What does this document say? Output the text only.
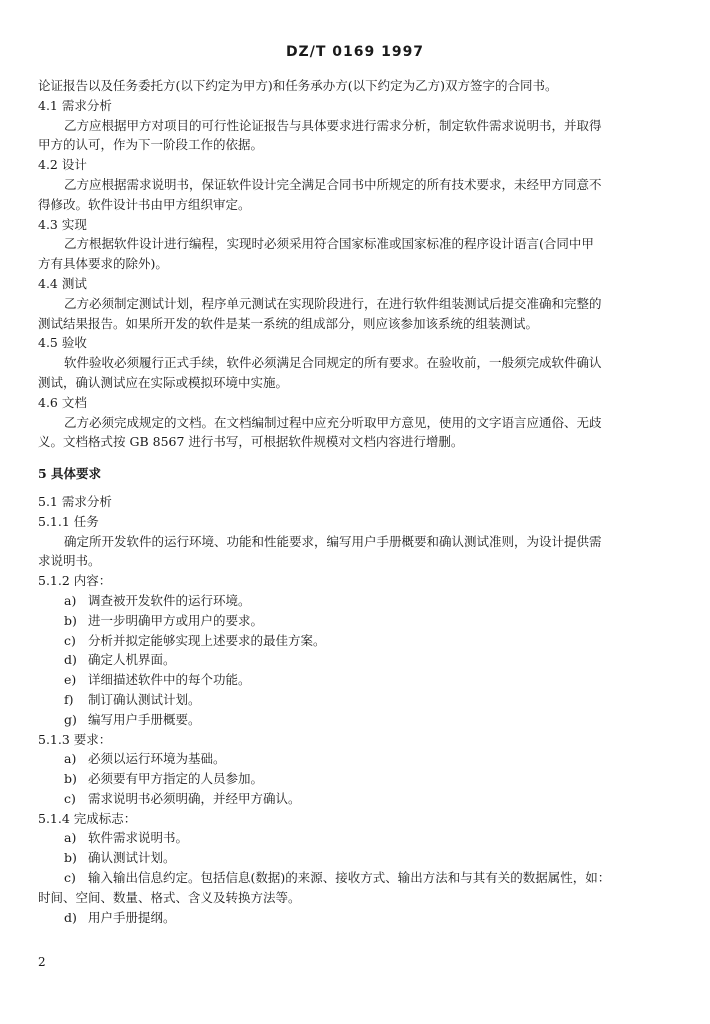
DZ/T 0169 1997
论证报告以及任务委托方(以下约定为甲方)和任务承办方(以下约定为乙方)双方签字的合同书。
4.1 需求分析
乙方应根据甲方对项目的可行性论证报告与具体要求进行需求分析，制定软件需求说明书，并取得
甲方的认可，作为下一阶段工作的依据。
4.2 设计
乙方应根据需求说明书，保证软件设计完全满足合同书中所规定的所有技术要求，未经甲方同意不
得修改。软件设计书由甲方组织审定。
4.3 实现
乙方根据软件设计进行编程，实现时必须采用符合国家标准或国家标准的程序设计语言(合同中甲
方有具体要求的除外)。
4.4 测试
乙方必须制定测试计划，程序单元测试在实现阶段进行，在进行软件组装测试后提交准确和完整的
测试结果报告。如果所开发的软件是某一系统的组成部分，则应该参加该系统的组装测试。
4.5 验收
软件验收必须履行正式手续，软件必须满足合同规定的所有要求。在验收前，一般须完成软件确认
测试，确认测试应在实际或模拟环境中实施。
4.6 文档
乙方必须完成规定的文档。在文档编制过程中应充分听取甲方意见，使用的文字语言应通俗、无歧
义。文档格式按 GB 8567 进行书写，可根据软件规模对文档内容进行增删。
5 具体要求
5.1 需求分析
5.1.1 任务
确定所开发软件的运行环境、功能和性能要求，编写用户手册概要和确认测试准则，为设计提供需
求说明书。
5.1.2 内容：
a) 调查被开发软件的运行环境。
b) 进一步明确甲方或用户的要求。
c) 分析并拟定能够实现上述要求的最佳方案。
d) 确定人机界面。
e) 详细描述软件中的每个功能。
f) 制订确认测试计划。
g) 编写用户手册概要。
5.1.3 要求：
a) 必须以运行环境为基础。
b) 必须要有甲方指定的人员参加。
c) 需求说明书必须明确，并经甲方确认。
5.1.4 完成标志：
a) 软件需求说明书。
b) 确认测试计划。
c) 输入输出信息约定。包括信息(数据)的来源、接收方式、输出方法和与其有关的数据属性，如：
时间、空间、数量、格式、含义及转换方法等。
d) 用户手册提纲。
2
